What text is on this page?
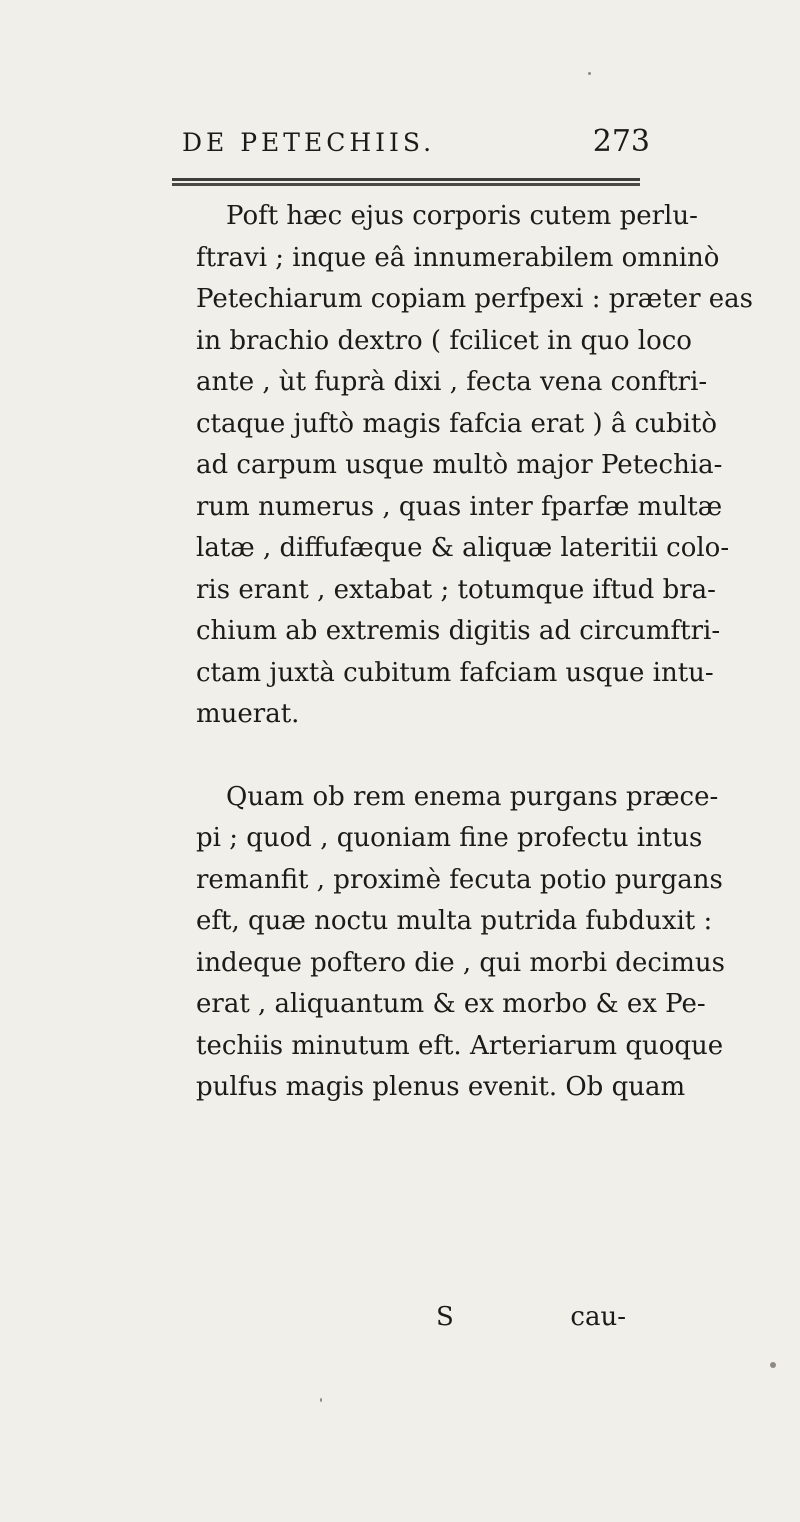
DE PETECHIIS.	273
Poft hæc ejus corporis cutem perlu-
ftravi ; inque eâ innumerabilem omninò
Petechiarum copiam perfpexi : præter eas
in brachio dextro ( fcilicet in quo loco
ante , ùt fuprà dixi , fecta vena conftri-
ctaque juftò magis fafcia erat ) â cubitò
ad carpum usque multò major Petechia-
rum numerus , quas inter fparfæ multæ
latæ , diffufæque & aliquæ lateritii colo-
ris erant , extabat ; totumque iftud bra-
chium ab extremis digitis ad circumftri-
ctam juxtà cubitum fafciam usque intu-
muerat.
Quam ob rem enema purgans præce-
pi ; quod , quoniam fine profectu intus
remanfit , proximè fecuta potio purgans
eft, quæ noctu multa putrida fubduxit :
indeque poftero die , qui morbi decimus
erat , aliquantum & ex morbo & ex Pe-
techiis minutum eft. Arteriarum quoque
pulfus magis plenus evenit. Ob quam
S	cau-
